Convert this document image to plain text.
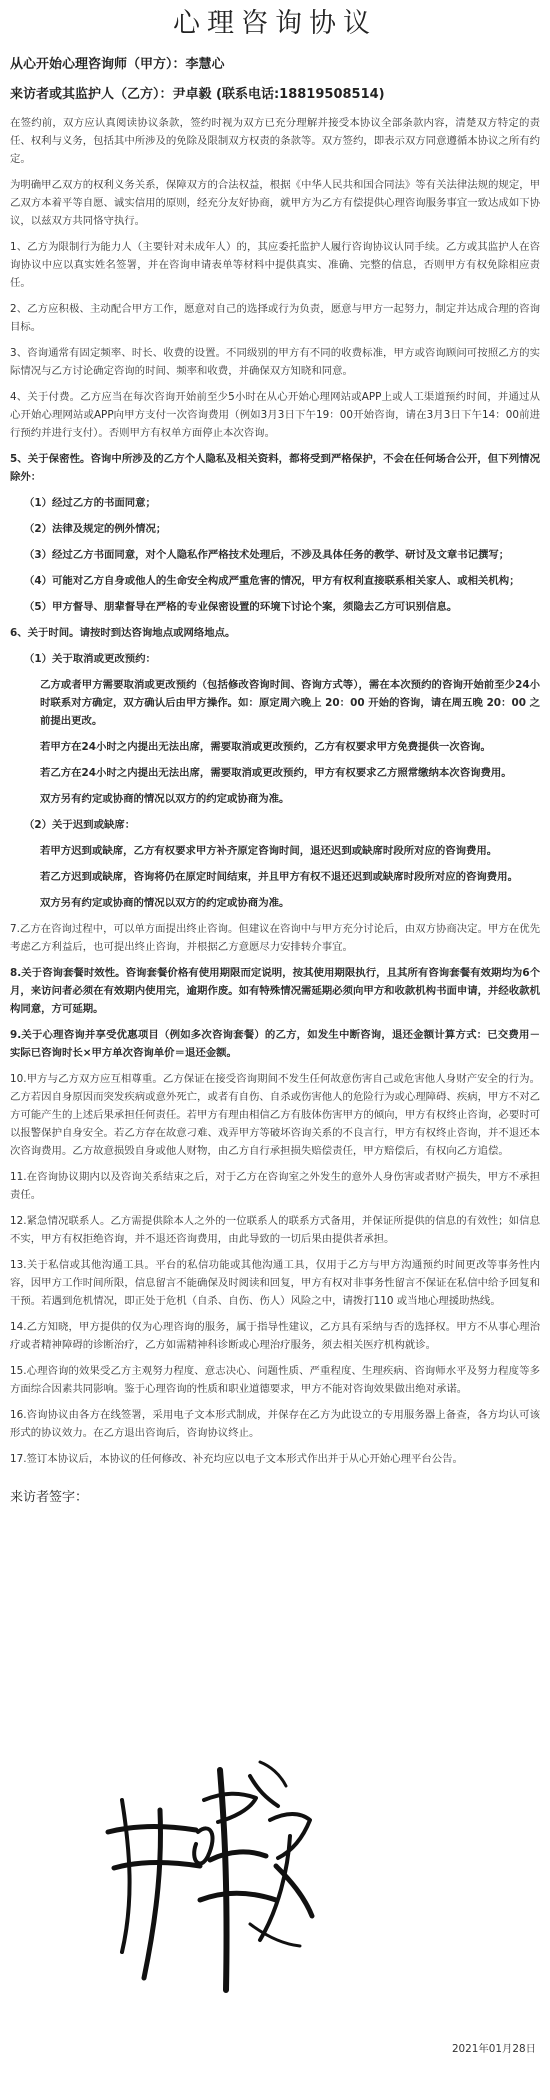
心理咨询协议
从心开始心理咨询师（甲方）：李慧心
来访者或其监护人（乙方）：尹卓毅 (联系电话:18819508514)

在签约前，双方应认真阅读协议条款，签约时视为双方已充分理解并接受本协议全部条款内容，清楚双方特定的责任、权利与义务，包括其中所涉及的免除及限制双方权责的条款等。双方签约，即表示双方同意遵循本协议之所有约定。

为明确甲乙双方的权利义务关系，保障双方的合法权益，根据《中华人民共和国合同法》等有关法律法规的规定，甲乙双方本着平等自愿、诚实信用的原则，经充分友好协商，就甲方为乙方有偿提供心理咨询服务事宜一致达成如下协议，以兹双方共同恪守执行。

1、乙方为限制行为能力人（主要针对未成年人）的，其应委托监护人履行咨询协议认同手续。乙方或其监护人在咨询协议中应以真实姓名签署，并在咨询申请表单等材料中提供真实、准确、完整的信息，否则甲方有权免除相应责任。

2、乙方应积极、主动配合甲方工作，愿意对自己的选择或行为负责，愿意与甲方一起努力，制定并达成合理的咨询目标。

3、咨询通常有固定频率、时长、收费的设置。不同级别的甲方有不同的收费标准，甲方或咨询顾问可按照乙方的实际情况与乙方讨论确定咨询的时间、频率和收费，并确保双方知晓和同意。

4、关于付费。乙方应当在每次咨询开始前至少5小时在从心开始心理网站或APP上或人工渠道预约时间，并通过从心开始心理网站或APP向甲方支付一次咨询费用（例如3月3日下午19：00开始咨询，请在3月3日下午14：00前进行预约并进行支付）。否则甲方有权单方面停止本次咨询。

5、关于保密性。咨询中所涉及的乙方个人隐私及相关资料，都将受到严格保护，不会在任何场合公开，但下列情况除外：

（1）经过乙方的书面同意；

（2）法律及规定的例外情况；

（3）经过乙方书面同意，对个人隐私作严格技术处理后，不涉及具体任务的教学、研讨及文章书记撰写；

（4）可能对乙方自身或他人的生命安全构成严重危害的情况，甲方有权利直接联系相关家人、或相关机构；

（5）甲方督导、朋辈督导在严格的专业保密设置的环境下讨论个案，须隐去乙方可识别信息。

6、关于时间。请按时到达咨询地点或网络地点。

（1）关于取消或更改预约：

乙方或者甲方需要取消或更改预约（包括修改咨询时间、咨询方式等），需在本次预约的咨询开始前至少24小时联系对方确定，双方确认后由甲方操作。如：原定周六晚上 20：00 开始的咨询，请在周五晚 20：00 之前提出更改。

若甲方在24小时之内提出无法出席，需要取消或更改预约，乙方有权要求甲方免费提供一次咨询。

若乙方在24小时之内提出无法出席，需要取消或更改预约，甲方有权要求乙方照常缴纳本次咨询费用。

双方另有约定或协商的情况以双方的约定或协商为准。

（2）关于迟到或缺席：

若甲方迟到或缺席，乙方有权要求甲方补齐原定咨询时间，退还迟到或缺席时段所对应的咨询费用。

若乙方迟到或缺席，咨询将仍在原定时间结束，并且甲方有权不退还迟到或缺席时段所对应的咨询费用。

双方另有约定或协商的情况以双方的约定或协商为准。

7.乙方在咨询过程中，可以单方面提出终止咨询。但建议在咨询中与甲方充分讨论后，由双方协商决定。甲方在优先考虑乙方利益后，也可提出终止咨询，并根据乙方意愿尽力安排转介事宜。

8.关于咨询套餐时效性。咨询套餐价格有使用期限而定说明，按其使用期限执行，且其所有咨询套餐有效期均为6个月，来访问者必须在有效期内使用完，逾期作废。如有特殊情况需延期必须向甲方和收款机构书面申请，并经收款机构同意，方可延期。

9.关于心理咨询并享受优惠项目（例如多次咨询套餐）的乙方，如发生中断咨询，退还金额计算方式：已交费用－实际已咨询时长×甲方单次咨询单价＝退还金额。

10.甲方与乙方双方应互相尊重。乙方保证在接受咨询期间不发生任何故意伤害自己或危害他人身财产安全的行为。乙方若因自身原因而突发疾病或意外死亡，或者有自伤、自杀或伤害他人的危险行为或心理障碍、疾病，甲方不对乙方可能产生的上述后果承担任何责任。若甲方有理由相信乙方有肢体伤害甲方的倾向，甲方有权终止咨询，必要时可以报警保护自身安全。若乙方存在故意刁难、戏弄甲方等破坏咨询关系的不良言行，甲方有权终止咨询，并不退还本次咨询费用。乙方故意损毁自身或他人财物，由乙方自行承担损失赔偿责任，甲方赔偿后，有权向乙方追偿。

11.在咨询协议期内以及咨询关系结束之后，对于乙方在咨询室之外发生的意外人身伤害或者财产损失，甲方不承担责任。

12.紧急情况联系人。乙方需提供除本人之外的一位联系人的联系方式备用，并保证所提供的信息的有效性；如信息不实，甲方有权拒绝咨询，并不退还咨询费用，由此导致的一切后果由提供者承担。

13.关于私信或其他沟通工具。平台的私信功能或其他沟通工具，仅用于乙方与甲方沟通预约时间更改等事务性内容，因甲方工作时间所限，信息留言不能确保及时阅读和回复，甲方有权对非事务性留言不保证在私信中给予回复和干预。若遇到危机情况，即正处于危机（自杀、自伤、伤人）风险之中，请拨打110 或当地心理援助热线。

14.乙方知晓，甲方提供的仅为心理咨询的服务，属于指导性建议，乙方具有采纳与否的选择权。甲方不从事心理治疗或者精神障碍的诊断治疗，乙方如需精神科诊断或心理治疗服务，须去相关医疗机构就诊。

15.心理咨询的效果受乙方主观努力程度、意志决心、问题性质、严重程度、生理疾病、咨询师水平及努力程度等多方面综合因素共同影响。鉴于心理咨询的性质和职业道德要求，甲方不能对咨询效果做出绝对承诺。

16.咨询协议由各方在线签署，采用电子文本形式制成，并保存在乙方为此设立的专用服务器上备查，各方均认可该形式的协议效力。在乙方退出咨询后，咨询协议终止。

17.签订本协议后，本协议的任何修改、补充均应以电子文本形式作出并于从心开始心理平台公告。

来访者签字：
2021年01月28日
